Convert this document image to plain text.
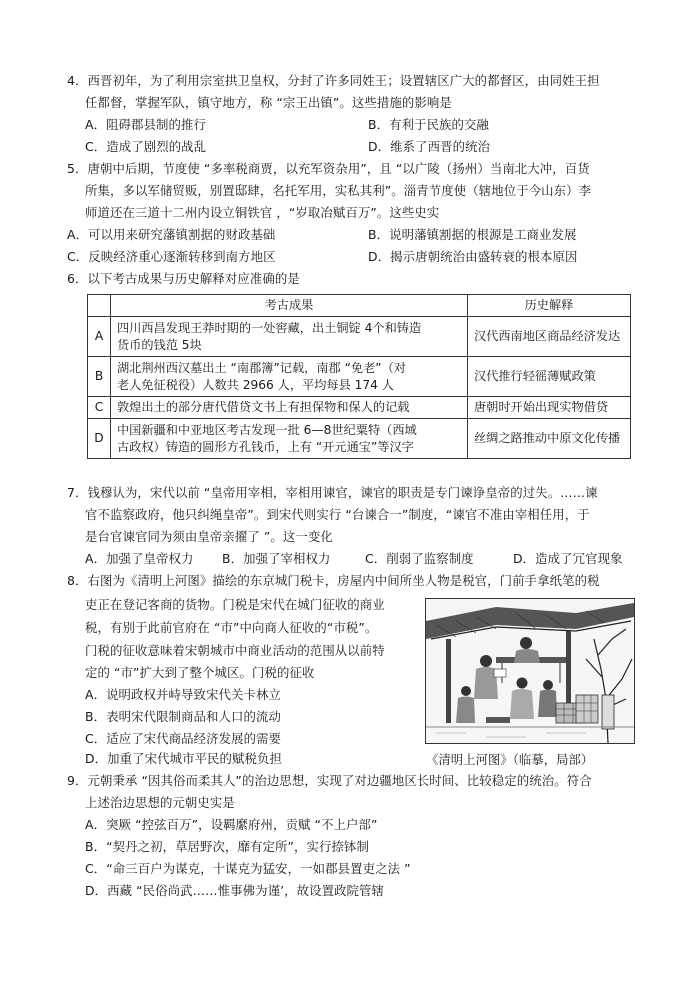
4．西晋初年，为了利用宗室拱卫皇权，分封了许多同姓王；设置辖区广大的都督区，由同姓王担
任都督，掌握军队，镇守地方，称 “宗王出镇”。这些措施的影响是
A．阻碍郡县制的推行	B．有利于民族的交融
C．造成了剧烈的战乱	D．维系了西晋的统治
5．唐朝中后期，节度使 “多率税商贾，以充军资杂用”，且 “以广陵（扬州）当南北大冲，百货
所集，多以军储贸贩，别置邸肆，名托军用，实私其利”。淄青节度使（辖地位于今山东）李
师道还在三道十二州内设立铜铁官 ，“岁取冶赋百万”。这些史实
A．可以用来研究藩镇割据的财政基础	B．说明藩镇割据的根源是工商业发展
C．反映经济重心逐渐转移到南方地区	D．揭示唐朝统治由盛转衰的根本原因
6．以下考古成果与历史解释对应准确的是
	考古成果	历史解释
A	四川西昌发现王莽时期的一处窖藏，出土铜锭 4个和铸造
货币的钱范 5块	汉代西南地区商品经济发达
B	湖北荆州西汉墓出土 “南郡簿”记载，南郡 “免老”（对
老人免征税役）人数共 2966 人，平均每县 174 人	汉代推行轻徭薄赋政策
C	敦煌出土的部分唐代借贷文书上有担保物和保人的记载	唐朝时开始出现实物借贷
D	中国新疆和中亚地区考古发现一批 6—8世纪粟特（西域
古政权）铸造的圆形方孔钱币，上有 “开元通宝”等汉字	丝绸之路推动中原文化传播
7．钱穆认为，宋代以前 “皇帝用宰相，宰相用谏官，谏官的职责是专门谏诤皇帝的过失。……谏
官不监察政府，他只纠绳皇帝”。到宋代则实行 “台谏合一”制度，“谏官不准由宰相任用，于
是台官谏官同为须由皇帝亲擢了 ”。这一变化
A．加强了皇帝权力 B．加强了宰相权力	C．削弱了监察制度	D．造成了冗官现象
8．右图为《清明上河图》描绘的东京城门税卡，房屋内中间所坐人物是税官，门前手拿纸笔的税
吏正在登记客商的货物。门税是宋代在城门征收的商业
税，有别于此前官府在 “市”中向商人征收的“市税”。
门税的征收意味着宋朝城市中商业活动的范围从以前特
定的 “市”扩大到了整个城区。门税的征收
A．说明政权并峙导致宋代关卡林立
B．表明宋代限制商品和人口的流动
C．适应了宋代商品经济发展的需要
D．加重了宋代城市平民的赋税负担	《清明上河图》（临摹，局部）
9．元朝秉承 “因其俗而柔其人”的治边思想，实现了对边疆地区长时间、比较稳定的统治。符合
上述治边思想的元朝史实是
A．突厥 “控弦百万”，设羁縻府州，贡赋 “不上户部”
B．“契丹之初，草居野次，靡有定所”，实行捺钵制
C．“命三百户为谋克，十谋克为猛安，一如郡县置吏之法 ”
D．西藏 “民俗尚武……惟事佛为谨’，故设置政院管辖
